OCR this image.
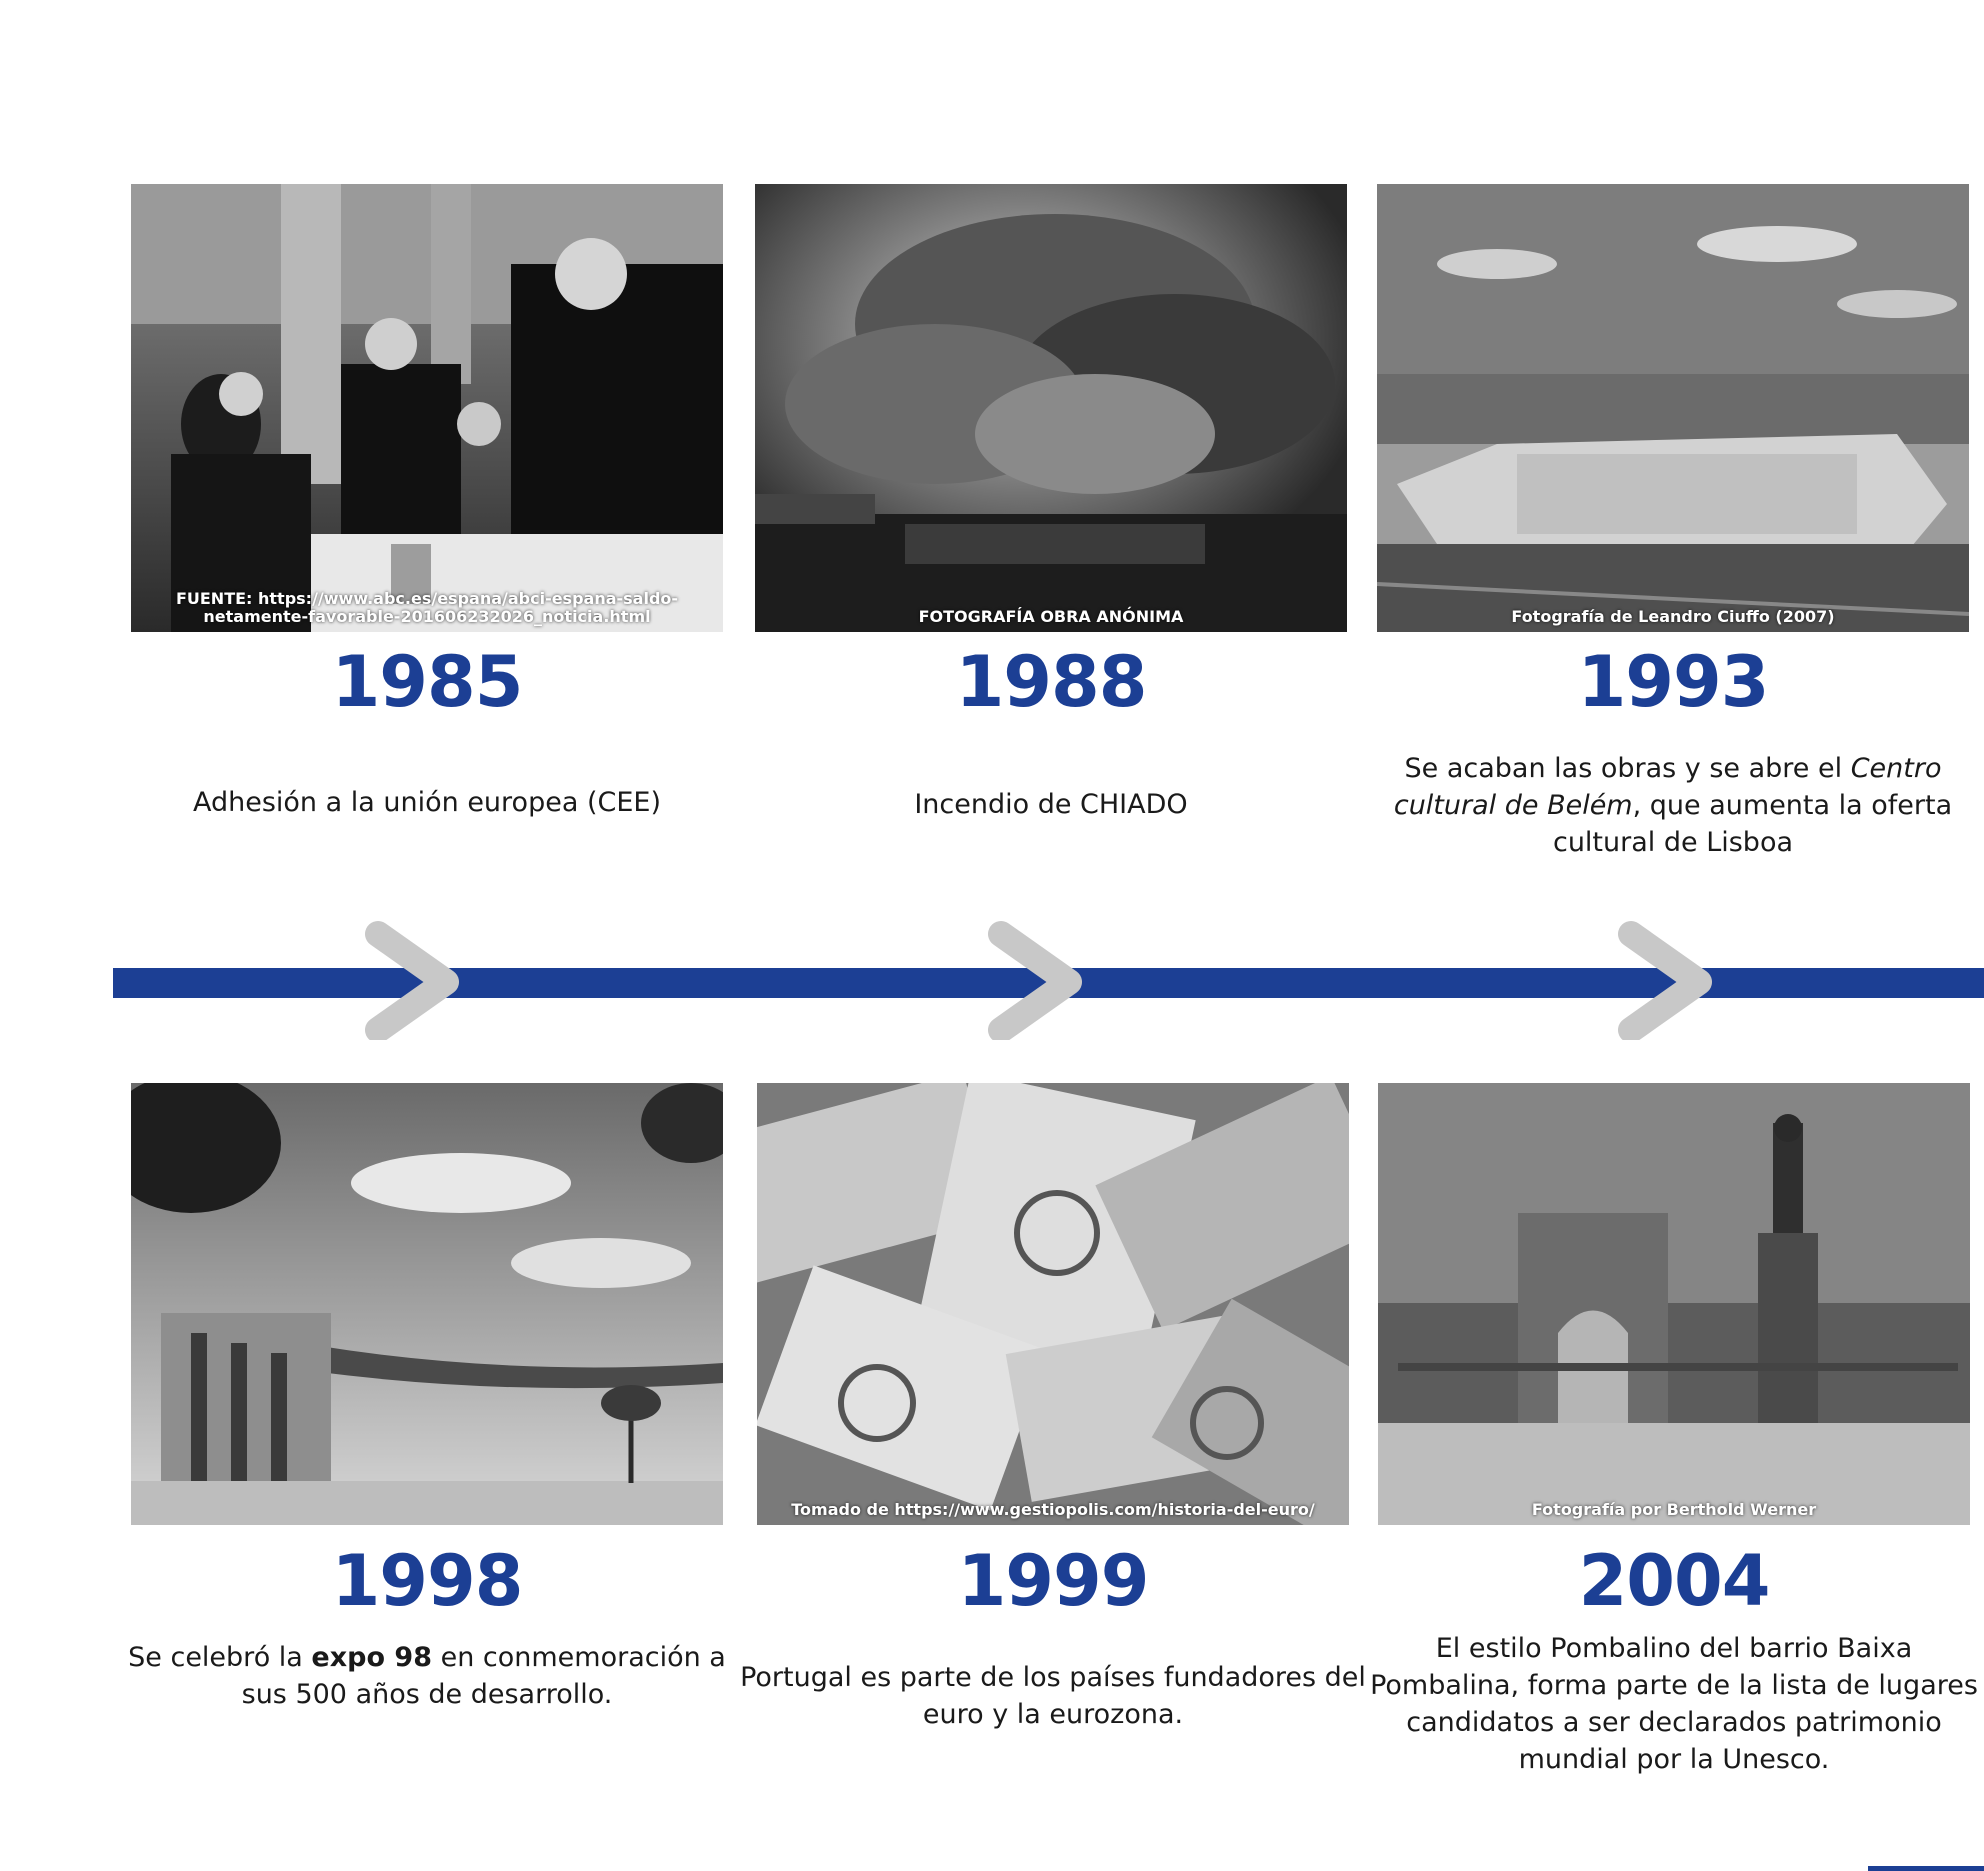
FUENTE: https://www.abc.es/espana/abci-espana-saldo-netamente-favorable-201606232026_noticia.html
1985
Adhesión a la unión europea (CEE)
FOTOGRAFÍA OBRA ANÓNIMA
1988
Incendio de CHIADO
Fotografía de Leandro Ciuffo (2007)
1993
Se acaban las obras y se abre el Centro cultural de Belém, que aumenta la oferta cultural de Lisboa
1998
Se celebró la expo 98 en conmemoración a sus 500 años de desarrollo.
Tomado de https://www.gestiopolis.com/historia-del-euro/
1999
Portugal es parte de los países fundadores del euro y la eurozona.
Fotografía por Berthold Werner
2004
El estilo Pombalino del barrio Baixa Pombalina, forma parte de la lista de lugares candidatos a ser declarados patrimonio mundial por la Unesco.
